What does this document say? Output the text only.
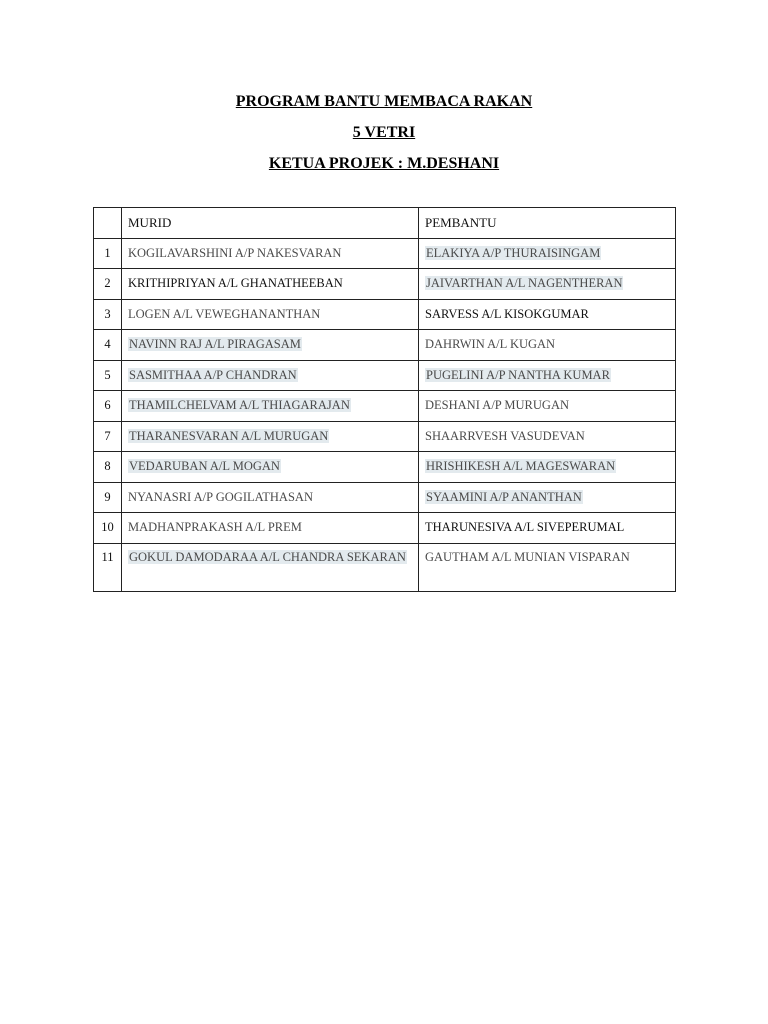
PROGRAM BANTU MEMBACA RAKAN
5 VETRI
KETUA PROJEK : M.DESHANI
	MURID	PEMBANTU
1	KOGILAVARSHINI A/P NAKESVARAN	ELAKIYA A/P THURAISINGAM
2	KRITHIPRIYAN A/L GHANATHEEBAN	JAIVARTHAN A/L NAGENTHERAN
3	LOGEN A/L VEWEGHANANTHAN	SARVESS A/L KISOKGUMAR
4	NAVINN RAJ A/L PIRAGASAM	DAHRWIN A/L KUGAN
5	SASMITHAA A/P CHANDRAN	PUGELINI A/P NANTHA KUMAR
6	THAMILCHELVAM A/L THIAGARAJAN	DESHANI A/P MURUGAN
7	THARANESVARAN A/L MURUGAN	SHAARRVESH VASUDEVAN
8	VEDARUBAN A/L MOGAN	HRISHIKESH A/L MAGESWARAN
9	NYANASRI A/P GOGILATHASAN	SYAAMINI A/P ANANTHAN
10	MADHANPRAKASH A/L PREM	THARUNESIVA A/L SIVEPERUMAL
11	GOKUL DAMODARAA A/L CHANDRA SEKARAN	GAUTHAM A/L MUNIAN VISPARAN
